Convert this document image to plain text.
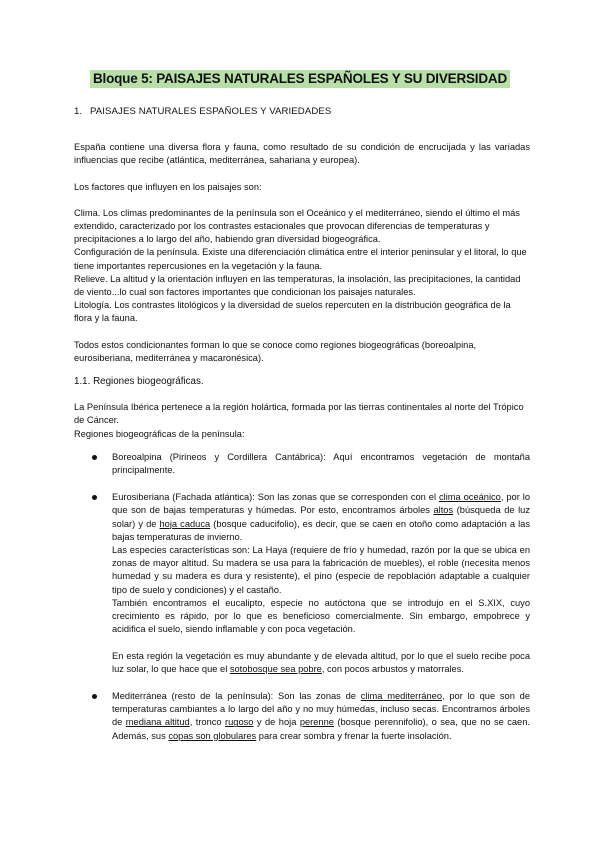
Bloque 5: PAISAJES NATURALES ESPAÑOLES Y SU DIVERSIDAD

1. PAISAJES NATURALES ESPAÑOLES Y VARIEDADES

España contiene una diversa flora y fauna, como resultado de su condición de encrucijada y las variadas influencias que recibe (atlántica, mediterránea, sahariana y europea).

Los factores que influyen en los paisajes son:

Clima. Los climas predominantes de la península son el Oceánico y el mediterráneo, siendo el último el más extendido, caracterizado por los contrastes estacionales que provocan diferencias de temperaturas y precipitaciones a lo largo del año, habiendo gran diversidad biogeográfica.

Configuración de la península. Existe una diferenciación climática entre el interior peninsular y el litoral, lo que tiene importantes repercusiones en la vegetación y la fauna.

Relieve. La altitud y la orientación influyen en las temperaturas, la insolación, las precipitaciones, la cantidad de viento...lo cual son factores importantes que condicionan los paisajes naturales.

Litología. Los contrastes litológicos y la diversidad de suelos repercuten en la distribución geográfica de la flora y la fauna.

Todos estos condicionantes forman lo que se conoce como regiones biogeográficas (boreoalpina, eurosiberiana, mediterránea y macaronésica).

1.1. Regiones biogeográficas.

La Península Ibérica pertenece a la región holártica, formada por las tierras continentales al norte del Trópico de Cáncer.

Regiones biogeográficas de la península:

Boreoalpina (Pirineos y Cordillera Cantábrica): Aquí encontramos vegetación de montaña principalmente.
Eurosiberiana (Fachada atlántica): Son las zonas que se corresponden con el clima oceánico, por lo que son de bajas temperaturas y húmedas. Por esto, encontramos árboles altos (búsqueda de luz solar) y de hoja caduca (bosque caducifolio), es decir, que se caen en otoño como adaptación a las bajas temperaturas de invierno.
Las especies características son: La Haya (requiere de frío y humedad, razón por la que se ubica en zonas de mayor altitud. Su madera se usa para la fabricación de muebles), el roble (necesita menos humedad y su madera es dura y resistente), el pino (especie de repoblación adaptable a cualquier tipo de suelo y condiciones) y el castaño.
También encontramos el eucalipto, especie no autóctona que se introdujo en el S.XIX, cuyo crecimiento es rápido, por lo que es beneficioso comercialmente. Sin embargo, empobrece y acidifica el suelo, siendo inflamable y con poca vegetación.
En esta región la vegetación es muy abundante y de elevada altitud, por lo que el suelo recibe poca luz solar, lo que hace que el sotobosque sea pobre, con pocos arbustos y matorrales.
Mediterránea (resto de la península): Son las zonas de clima mediterráneo, por lo que son de temperaturas cambiantes a lo largo del año y no muy húmedas, incluso secas. Encontramos árboles de mediana altitud, tronco rugoso y de hoja perenne (bosque perennifolio), o sea, que no se caen. Además, sus copas son globulares para crear sombra y frenar la fuerte insolación.
